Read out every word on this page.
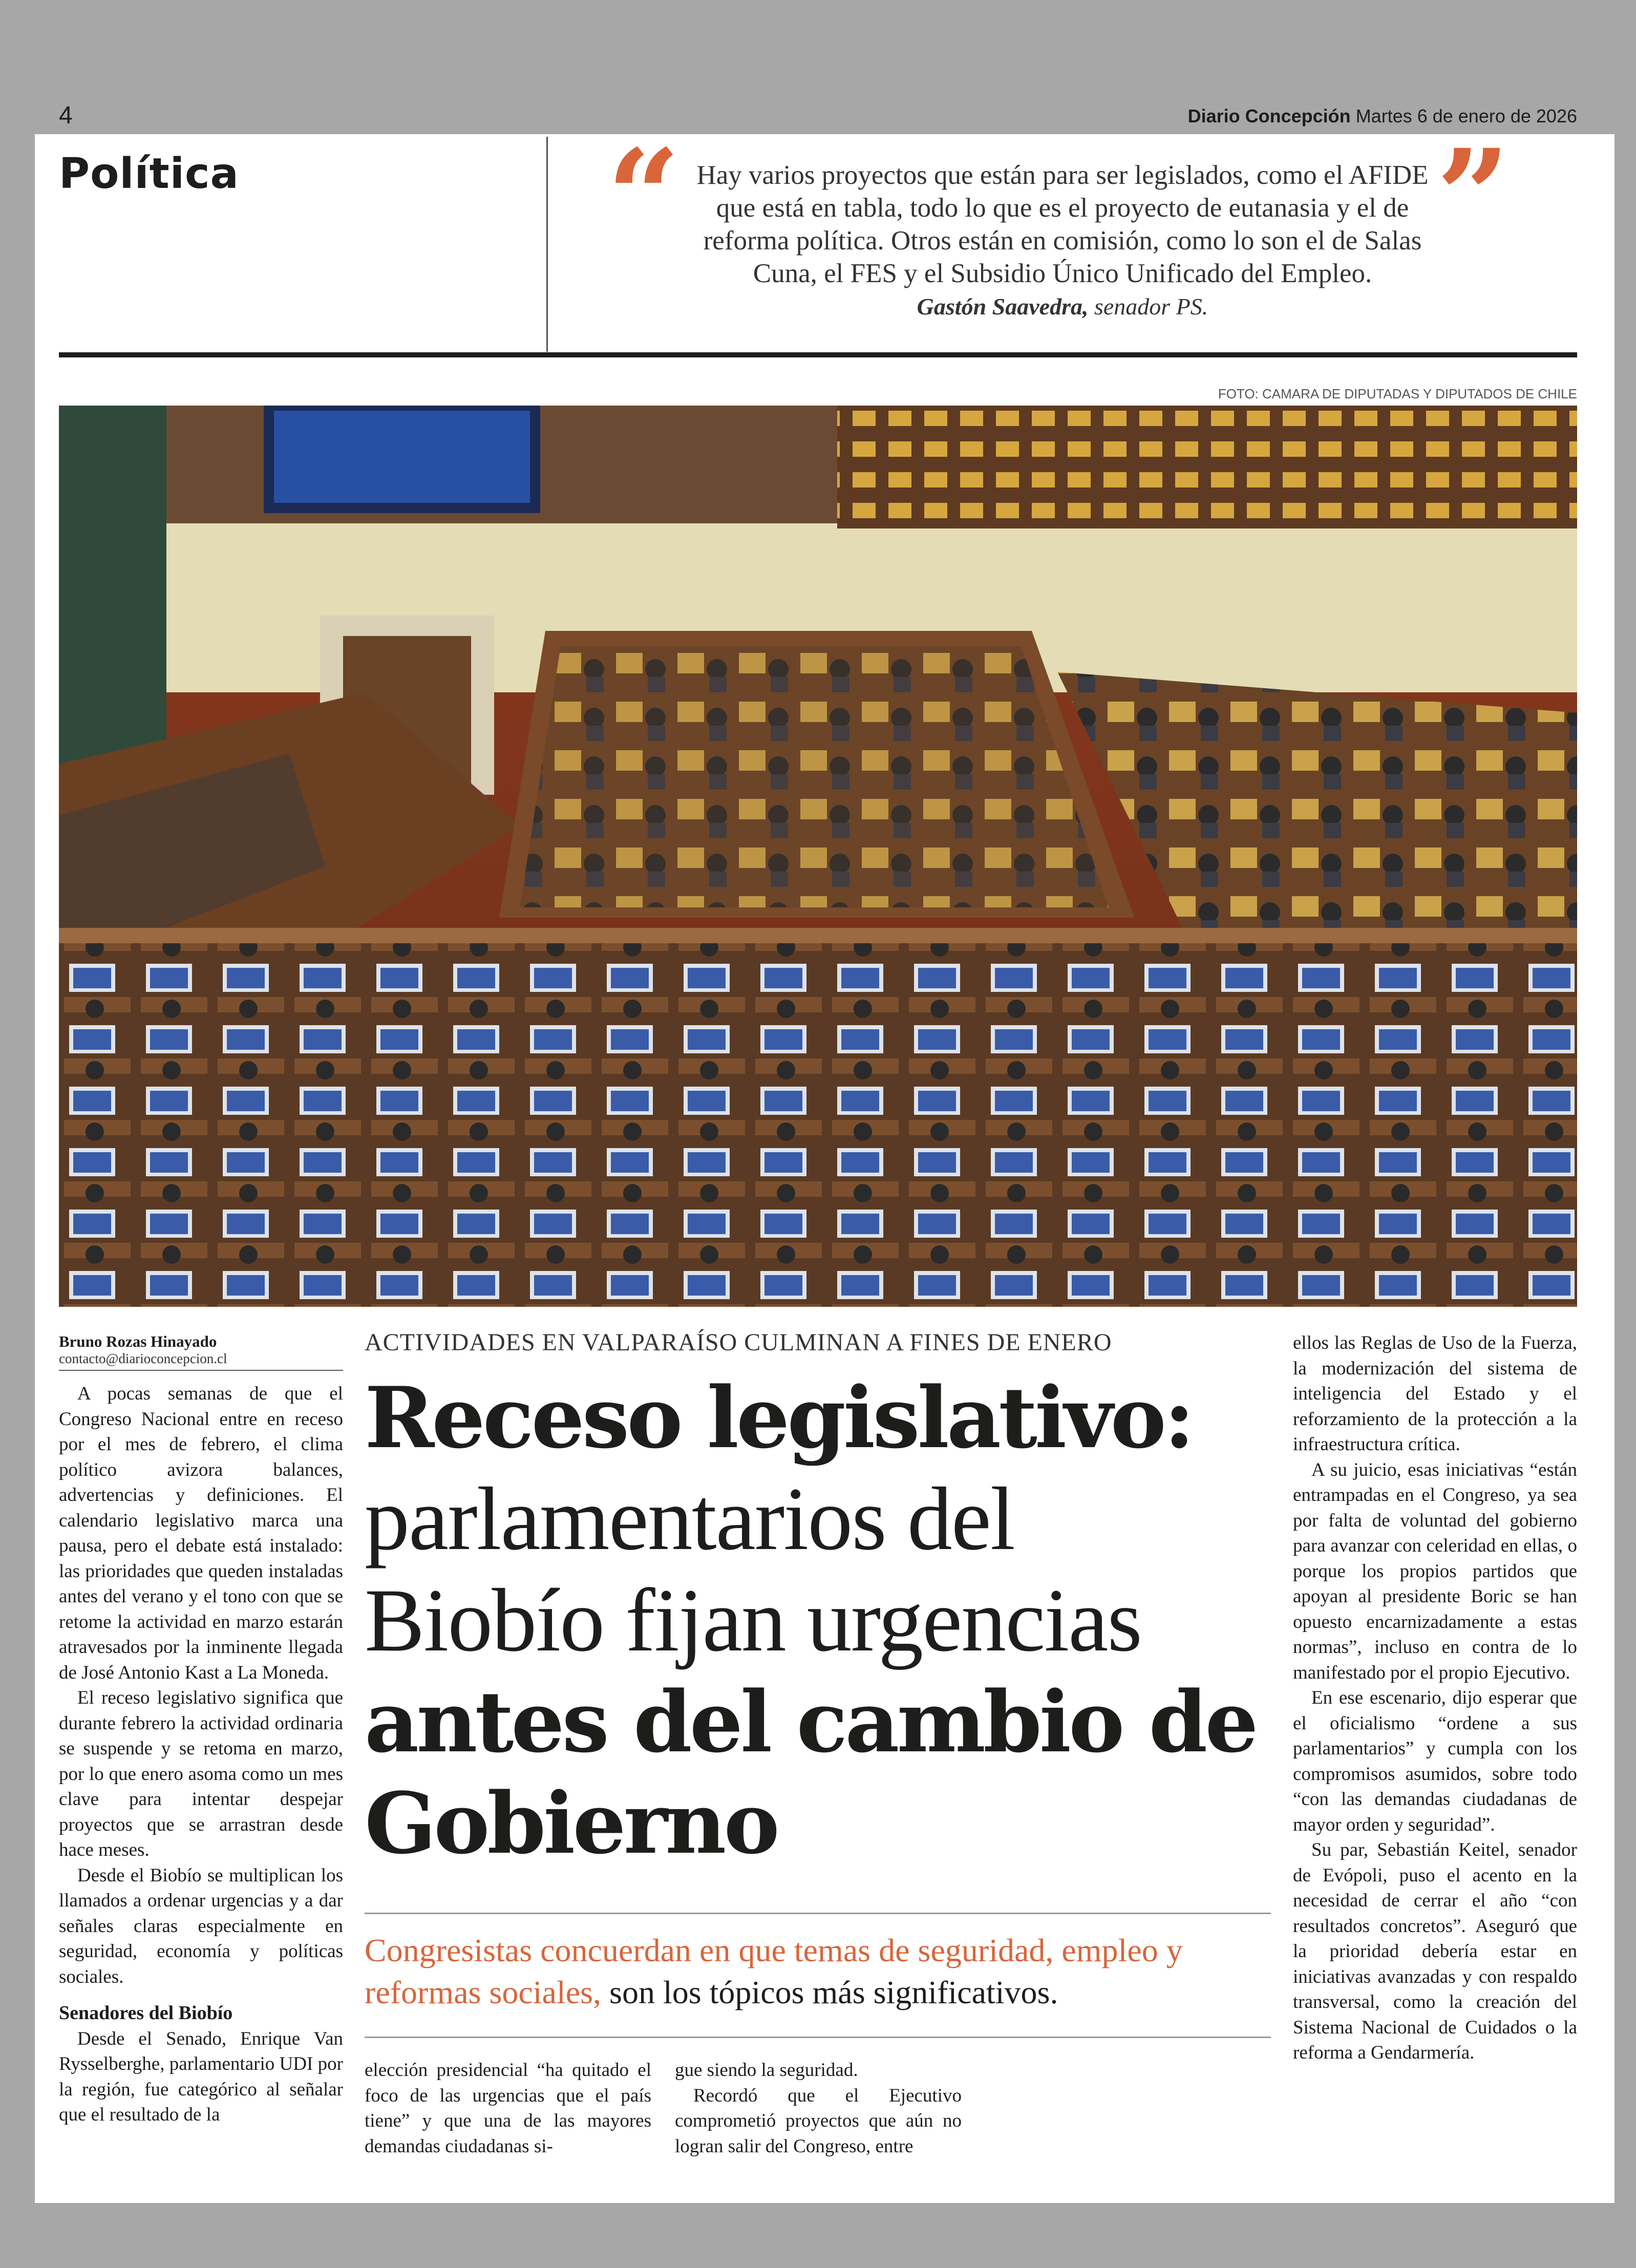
4	Diario Concepción Martes 6 de enero de 2026
Política	“ Hay varios proyectos que están para ser legislados, como el AFIDE que está en tabla, todo lo que es el proyecto de eutanasia y el de reforma política. Otros están en comisión, como lo son el de Salas Cuna, el FES y el Subsidio Único Unificado del Empleo.
Gastón Saavedra, senador PS.
”
FOTO: CAMARA DE DIPUTADAS Y DIPUTADOS DE CHILE
Bruno Rozas Hinayado
contacto@diarioconcepcion.cl

A pocas semanas de que el Congreso Nacional entre en receso por el mes de febrero, el clima político avizora balances, advertencias y definiciones. El calendario legislativo marca una pausa, pero el debate está instalado: las prioridades que queden instaladas antes del verano y el tono con que se retome la actividad en marzo estarán atravesados por la inminente llegada de José Antonio Kast a La Moneda.

El receso legislativo significa que durante febrero la actividad ordinaria se suspende y se retoma en marzo, por lo que enero asoma como un mes clave para intentar despejar proyectos que se arrastran desde hace meses.

Desde el Biobío se multiplican los llamados a ordenar urgencias y a dar señales claras especialmente en seguridad, economía y políticas sociales.

Senadores del Biobío

Desde el Senado, Enrique Van Rysselberghe, parlamentario UDI por la región, fue categórico al señalar que el resultado de la

ACTIVIDADES EN VALPARAÍSO CULMINAN A FINES DE ENERO
Receso legislativo:
parlamentarios del
Biobío fijan urgencias
antes del cambio de
Gobierno
Congresistas concuerdan en que temas de seguridad, empleo y reformas sociales, son los tópicos más significativos.

elección presidencial “ha quitado el foco de las urgencias que el país tiene” y que una de las mayores demandas ciudadanas si-

gue siendo la seguridad.

Recordó que el Ejecutivo comprometió proyectos que aún no logran salir del Congreso, entre

ellos las Reglas de Uso de la Fuerza, la modernización del sistema de inteligencia del Estado y el reforzamiento de la protección a la infraestructura crítica.

A su juicio, esas iniciativas “están entrampadas en el Congreso, ya sea por falta de voluntad del gobierno para avanzar con celeridad en ellas, o porque los propios partidos que apoyan al presidente Boric se han opuesto encarnizadamente a estas normas”, incluso en contra de lo manifestado por el propio Ejecutivo.

En ese escenario, dijo esperar que el oficialismo “ordene a sus parlamentarios” y cumpla con los compromisos asumidos, sobre todo “con las demandas ciudadanas de mayor orden y seguridad”.

Su par, Sebastián Keitel, senador de Evópoli, puso el acento en la necesidad de cerrar el año “con resultados concretos”. Aseguró que la prioridad debería estar en iniciativas avanzadas y con respaldo transversal, como la creación del Sistema Nacional de Cuidados o la reforma a Gendarmería.
